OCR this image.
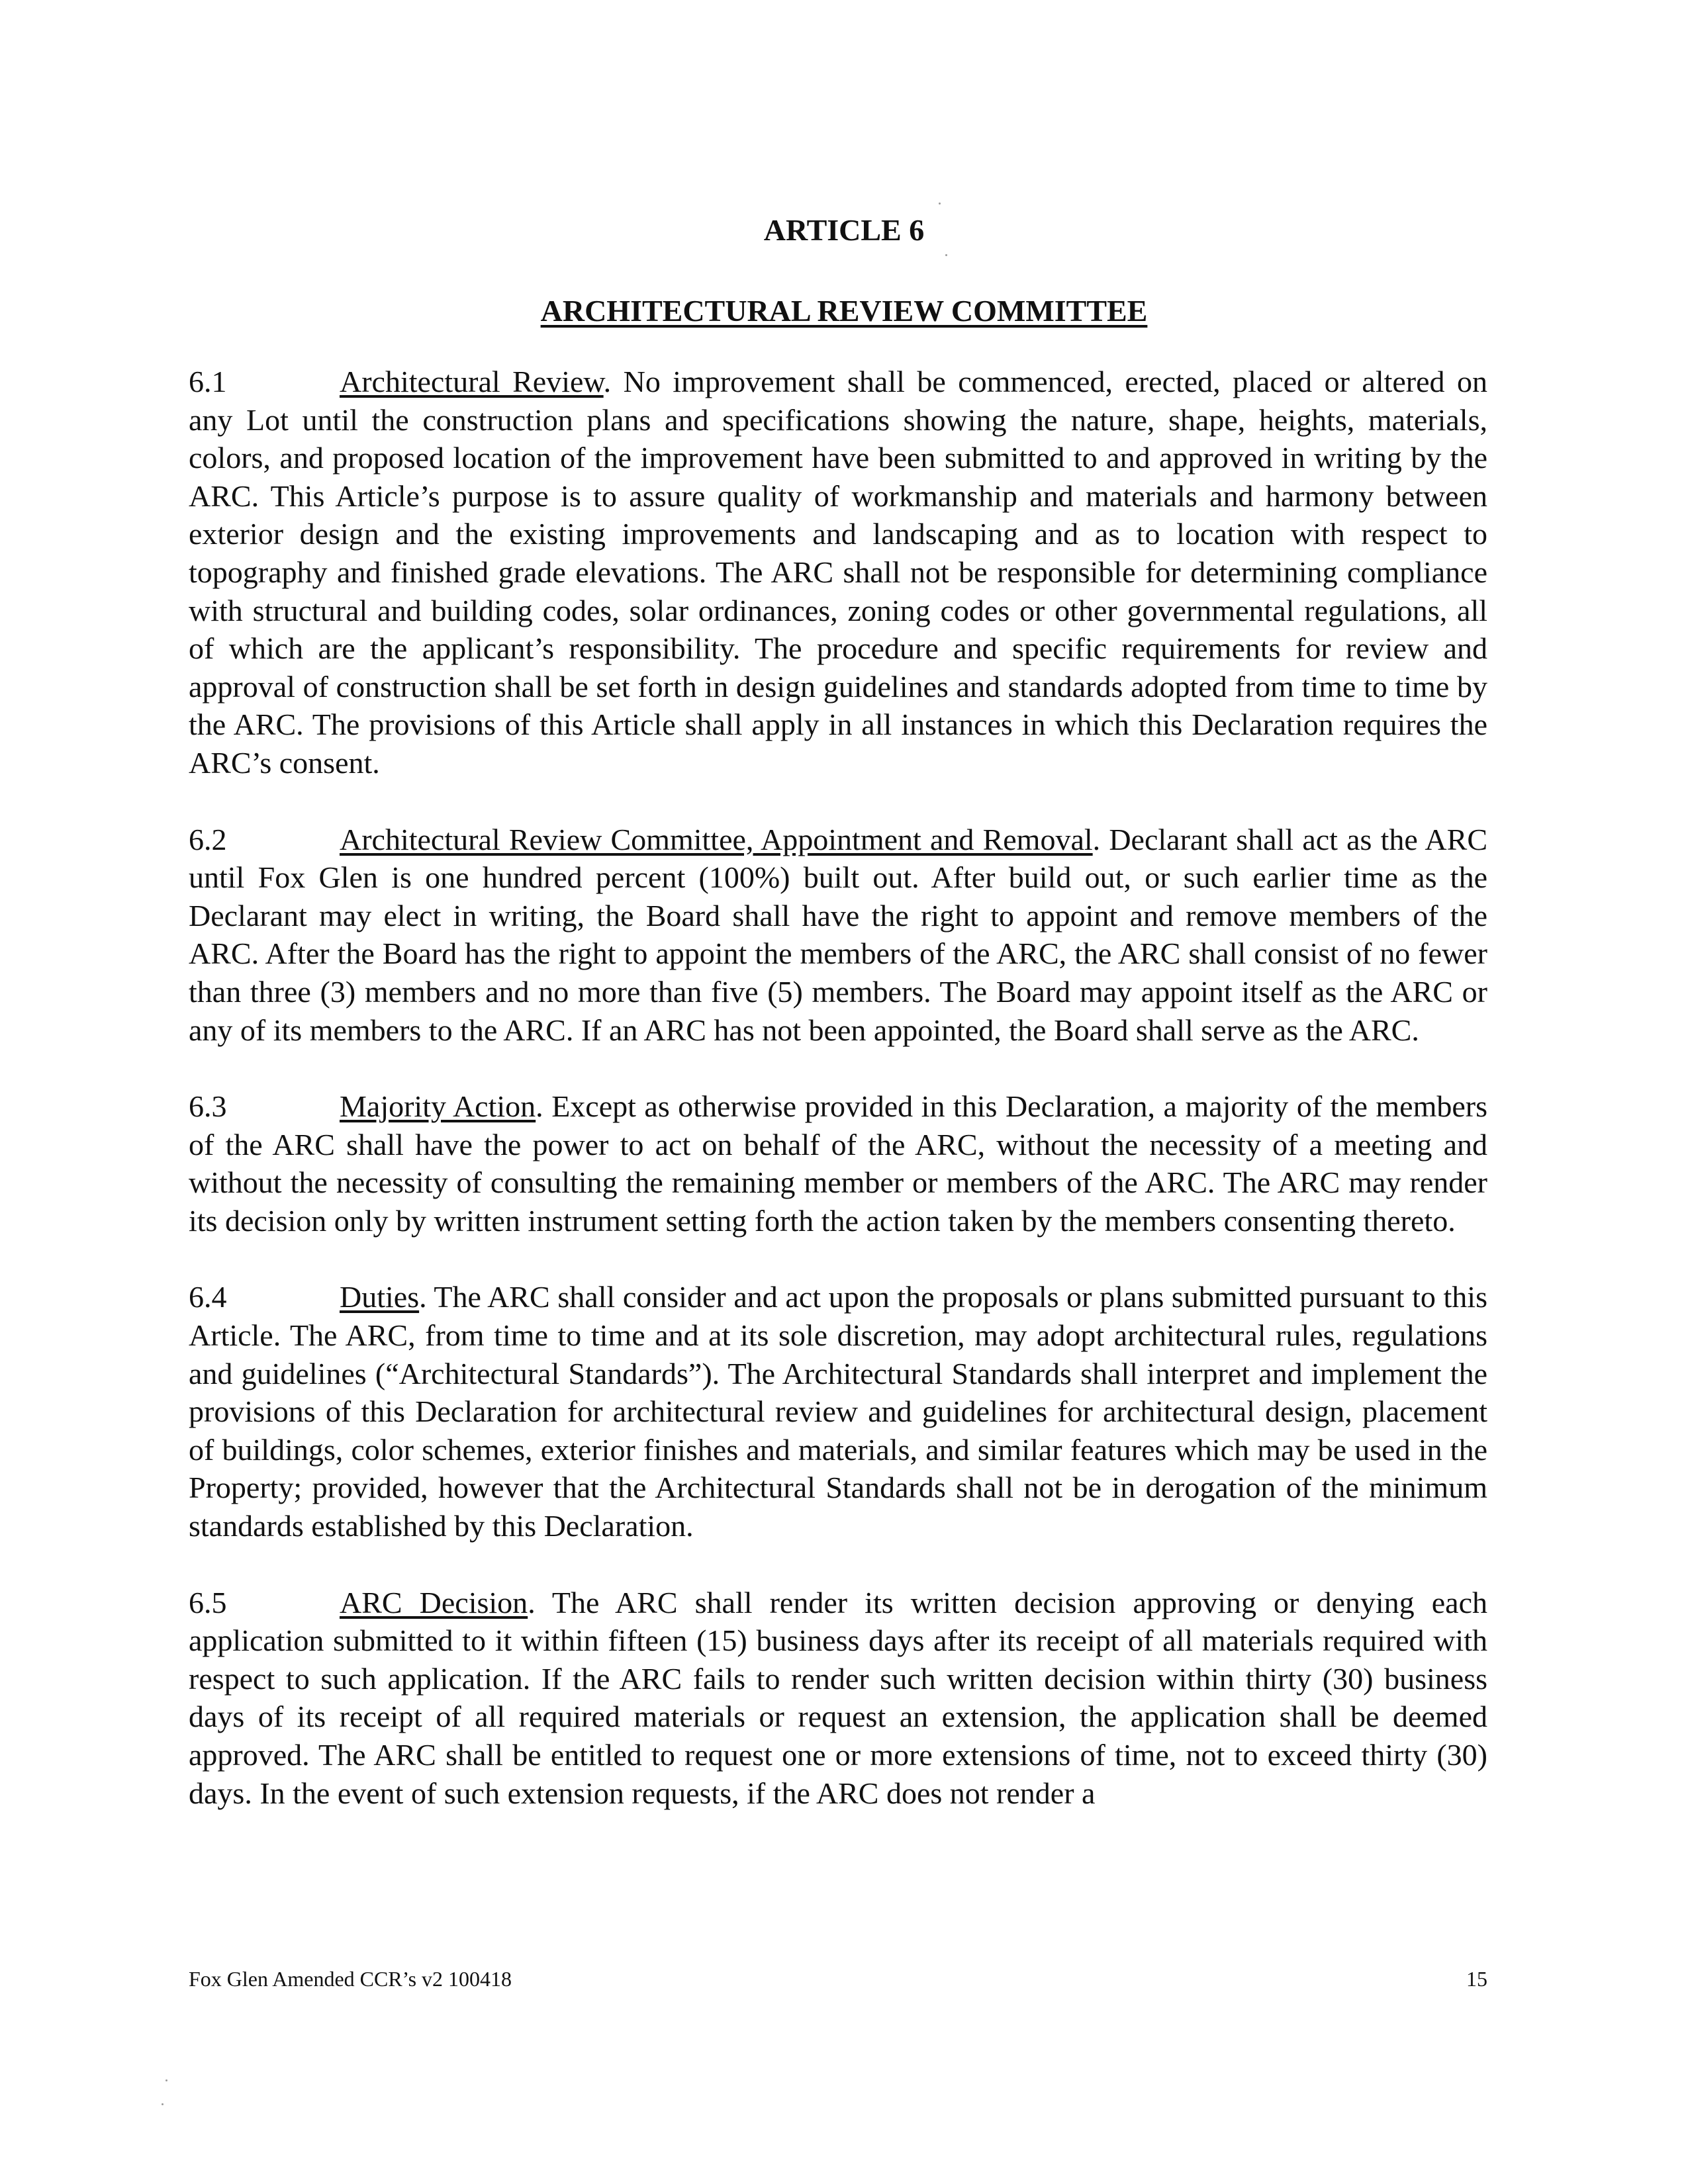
ARTICLE 6
ARCHITECTURAL REVIEW COMMITTEE

6.1	Architectural Review. No improvement shall be commenced, erected, placed or altered on any Lot until the construction plans and specifications showing the nature, shape, heights, materials, colors, and proposed location of the improvement have been submitted to and approved in writing by the ARC. This Article’s purpose is to assure quality of workmanship and materials and harmony between exterior design and the existing improvements and landscaping and as to location with respect to topography and finished grade elevations. The ARC shall not be responsible for determining compliance with structural and building codes, solar ordinances, zoning codes or other governmental regulations, all of which are the applicant’s responsibility. The procedure and specific requirements for review and approval of construction shall be set forth in design guidelines and standards adopted from time to time by the ARC. The provisions of this Article shall apply in all instances in which this Declaration requires the ARC’s consent.

6.2	Architectural Review Committee, Appointment and Removal. Declarant shall act as the ARC until Fox Glen is one hundred percent (100%) built out. After build out, or such earlier time as the Declarant may elect in writing, the Board shall have the right to appoint and remove members of the ARC. After the Board has the right to appoint the members of the ARC, the ARC shall consist of no fewer than three (3) members and no more than five (5) members. The Board may appoint itself as the ARC or any of its members to the ARC. If an ARC has not been appointed, the Board shall serve as the ARC.

6.3	Majority Action. Except as otherwise provided in this Declaration, a majority of the members of the ARC shall have the power to act on behalf of the ARC, without the necessity of a meeting and without the necessity of consulting the remaining member or members of the ARC. The ARC may render its decision only by written instrument setting forth the action taken by the members consenting thereto.

6.4	Duties. The ARC shall consider and act upon the proposals or plans submitted pursuant to this Article. The ARC, from time to time and at its sole discretion, may adopt architectural rules, regulations and guidelines (“Architectural Standards”). The Architectural Standards shall interpret and implement the provisions of this Declaration for architectural review and guidelines for architectural design, placement of buildings, color schemes, exterior finishes and materials, and similar features which may be used in the Property; provided, however that the Architectural Standards shall not be in derogation of the minimum standards established by this Declaration.

6.5	ARC Decision. The ARC shall render its written decision approving or denying each application submitted to it within fifteen (15) business days after its receipt of all materials required with respect to such application. If the ARC fails to render such written decision within thirty (30) business days of its receipt of all required materials or request an extension, the application shall be deemed approved. The ARC shall be entitled to request one or more extensions of time, not to exceed thirty (30) days. In the event of such extension requests, if the ARC does not render a

Fox Glen Amended CCR’s v2 100418	15
